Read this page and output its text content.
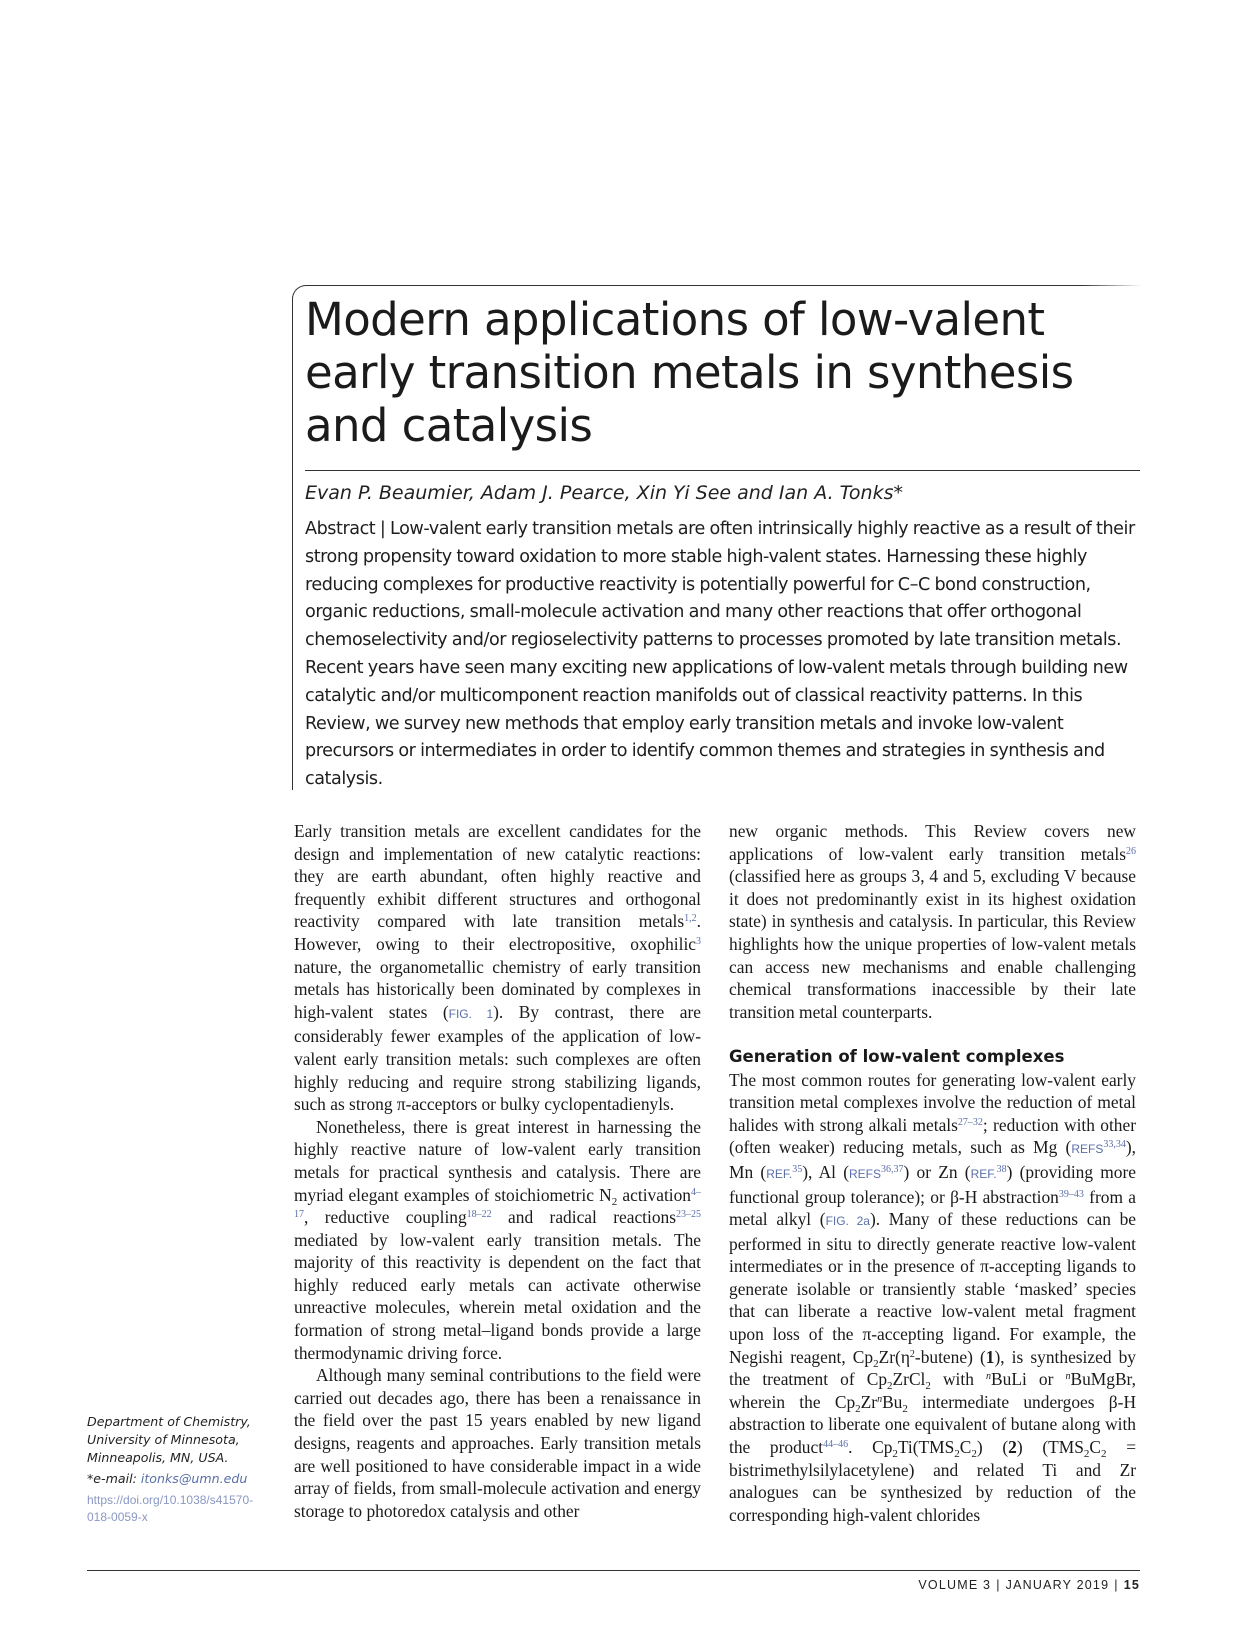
Modern applications of low-valent early transition metals in synthesis and catalysis
Evan P. Beaumier, Adam J. Pearce, Xin Yi See and Ian A. Tonks*
Abstract | Low-valent early transition metals are often intrinsically highly reactive as a result of their strong propensity toward oxidation to more stable high-valent states. Harnessing these highly reducing complexes for productive reactivity is potentially powerful for C–C bond construction, organic reductions, small-molecule activation and many other reactions that offer orthogonal chemoselectivity and/or regioselectivity patterns to processes promoted by late transition metals. Recent years have seen many exciting new applications of low-valent metals through building new catalytic and/or multicomponent reaction manifolds out of classical reactivity patterns. In this Review, we survey new methods that employ early transition metals and invoke low-valent precursors or intermediates in order to identify common themes and strategies in synthesis and catalysis.

Early transition metals are excellent candidates for the design and implementation of new catalytic reactions: they are earth abundant, often highly reactive and frequently exhibit different structures and orthogonal reactivity compared with late transition metals$^{1,2}$. However, owing to their electropositive, oxophilic$^3$ nature, the organometallic chemistry of early transition metals has historically been dominated by complexes in high-valent states (FIG. 1). By contrast, there are considerably fewer examples of the application of low-valent early transition metals: such complexes are often highly reducing and require strong stabilizing ligands, such as strong π-acceptors or bulky cyclopentadienyls.

Nonetheless, there is great interest in harnessing the highly reactive nature of low-valent early transition metals for practical synthesis and catalysis. There are myriad elegant examples of stoichiometric $N_2$ activation$^{4-17}$, reductive coupling$^{18-22}$ and radical reactions$^{23-25}$ mediated by low-valent early transition metals. The majority of this reactivity is dependent on the fact that highly reduced early metals can activate otherwise unreactive molecules, wherein metal oxidation and the formation of strong metal–ligand bonds provide a large thermodynamic driving force.

Although many seminal contributions to the field were carried out decades ago, there has been a renaissance in the field over the past 15 years enabled by new ligand designs, reagents and approaches. Early transition metals are well positioned to have considerable impact in a wide array of fields, from small-molecule activation and energy storage to photoredox catalysis and other

new organic methods. This Review covers new applications of low-valent early transition metals$^{26}$ (classified here as groups 3, 4 and 5, excluding V because it does not predominantly exist in its highest oxidation state) in synthesis and catalysis. In particular, this Review highlights how the unique properties of low-valent metals can access new mechanisms and enable challenging chemical transformations inaccessible by their late transition metal counterparts.

Generation of low-valent complexes

The most common routes for generating low-valent early transition metal complexes involve the reduction of metal halides with strong alkali metals$^{27-32}$; reduction with other (often weaker) reducing metals, such as Mg (REFS$^{33,34}$), Mn (REF.$^{35}$), Al (REFS$^{36,37}$) or Zn (REF.$^{38}$) (providing more functional group tolerance); or β-H abstraction$^{39-43}$ from a metal alkyl (FIG. 2a). Many of these reductions can be performed in situ to directly generate reactive low-valent intermediates or in the presence of π-accepting ligands to generate isolable or transiently stable ‘masked’ species that can liberate a reactive low-valent metal fragment upon loss of the π-accepting ligand. For example, the Negishi reagent, $Cp_2Zr(\eta^2-butene)$ (1), is synthesized by the treatment of $Cp_2ZrCl_2$ with $^n$BuLi or $^n$BuMgBr, wherein the $Cp_2Zr^nBu_2$ intermediate undergoes β-H abstraction to liberate one equivalent of butane along with the product$^{44-46}$. $Cp_2Ti(TMS_2C_2)$ (2) ($TMS_2C_2$ = bistrimethylsilylacetylene) and related Ti and Zr analogues can be synthesized by reduction of the corresponding high-valent chlorides

Department of Chemistry, University of Minnesota, Minneapolis, MN, USA.
*e-mail: itonks@umn.edu
https://doi.org/10.1038/s41570-018-0059-x
VOLUME 3 | JANUARY 2019 | 15
